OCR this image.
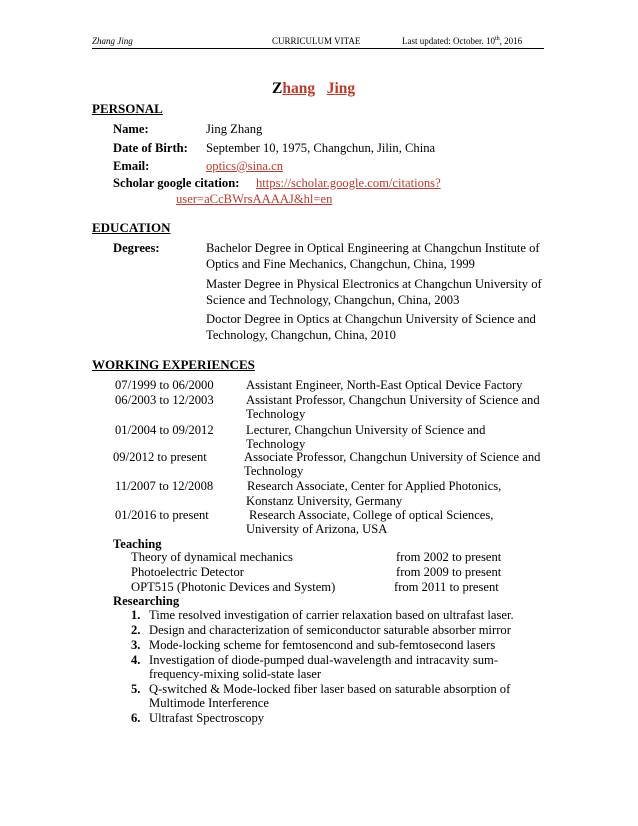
Zhang Jing	CURRICULUM VITAE	Last updated: October. 10th, 2016
Zhang Jing
PERSONAL
Name:	Jing Zhang
Date of Birth: September 10, 1975, Changchun, Jilin, China
Email:	optics@sina.cn
Scholar google citation: https://scholar.google.com/citations?
user=aCcBWrsAAAAJ&hl=en
EDUCATION
Degrees:	Bachelor Degree in Optical Engineering at Changchun Institute of
Optics and Fine Mechanics, Changchun, China, 1999
Master Degree in Physical Electronics at Changchun University of
Science and Technology, Changchun, China, 2003
Doctor Degree in Optics at Changchun University of Science and
Technology, Changchun, China, 2010
WORKING EXPERIENCES
07/1999 to 06/2000	Assistant Engineer, North-East Optical Device Factory
06/2003 to 12/2003	Assistant Professor, Changchun University of Science and
Technology
01/2004 to 09/2012	Lecturer, Changchun University of Science and
Technology
09/2012 to present	Associate Professor, Changchun University of Science and
Technology
11/2007 to 12/2008	Research Associate, Center for Applied Photonics,
Konstanz University, Germany
01/2016 to present	Research Associate, College of optical Sciences,
University of Arizona, USA
Teaching
Theory of dynamical mechanics	from 2002 to present
Photoelectric Detector	from 2009 to present
OPT515 (Photonic Devices and System)	from 2011 to present
Researching
1. Time resolved investigation of carrier relaxation based on ultrafast laser.
2. Design and characterization of semiconductor saturable absorber mirror
3. Mode-locking scheme for femtosencond and sub-femtosecond lasers
4. Investigation of diode-pumped dual-wavelength and intracavity sum-
frequency-mixing solid-state laser
5. Q-switched & Mode-locked fiber laser based on saturable absorption of
Multimode Interference
6. Ultrafast Spectroscopy
